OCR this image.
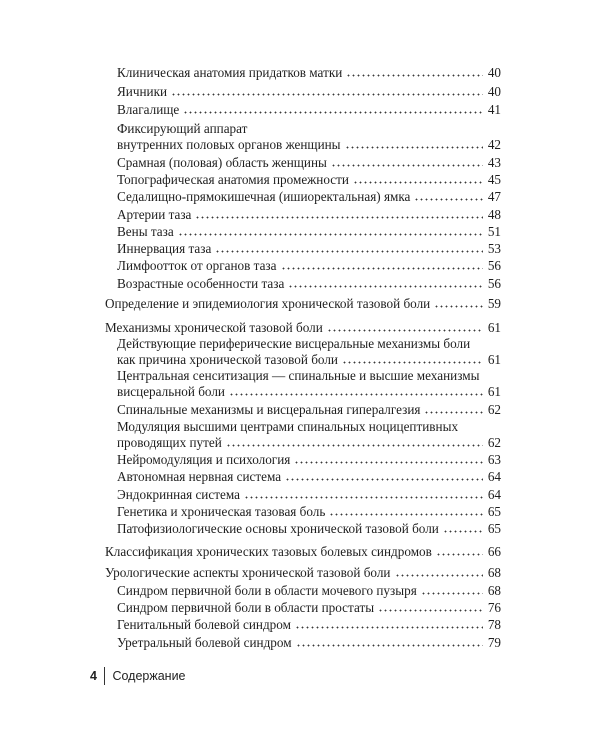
Клиническая анатомия придатков матки	40
Яичники	40
Влагалище	41
Фиксирующий аппарат
внутренних половых органов женщины	42
Срамная (половая) область женщины	43
Топографическая анатомия промежности	45
Седалищно-прямокишечная (ишиоректальная) ямка	47
Артерии таза	48
Вены таза	51
Иннервация таза	53
Лимфоотток от органов таза	56
Возрастные особенности таза	56
Определение и эпидемиология хронической тазовой боли	59
Механизмы хронической тазовой боли	61
Действующие периферические висцеральные механизмы боли
как причина хронической тазовой боли	61
Центральная сенситизация — спинальные и высшие механизмы
висцеральной боли	61
Спинальные механизмы и висцеральная гипералгезия	62
Модуляция высшими центрами спинальных ноцицептивных
проводящих путей	62
Нейромодуляция и психология	63
Автономная нервная система	64
Эндокринная система	64
Генетика и хроническая тазовая боль	65
Патофизиологические основы хронической тазовой боли	65
Классификация хронических тазовых болевых синдромов	66
Урологические аспекты хронической тазовой боли	68
Синдром первичной боли в области мочевого пузыря	68
Синдром первичной боли в области простаты	76
Генитальный болевой синдром	78
Уретральный болевой синдром	79
4 Содержание
